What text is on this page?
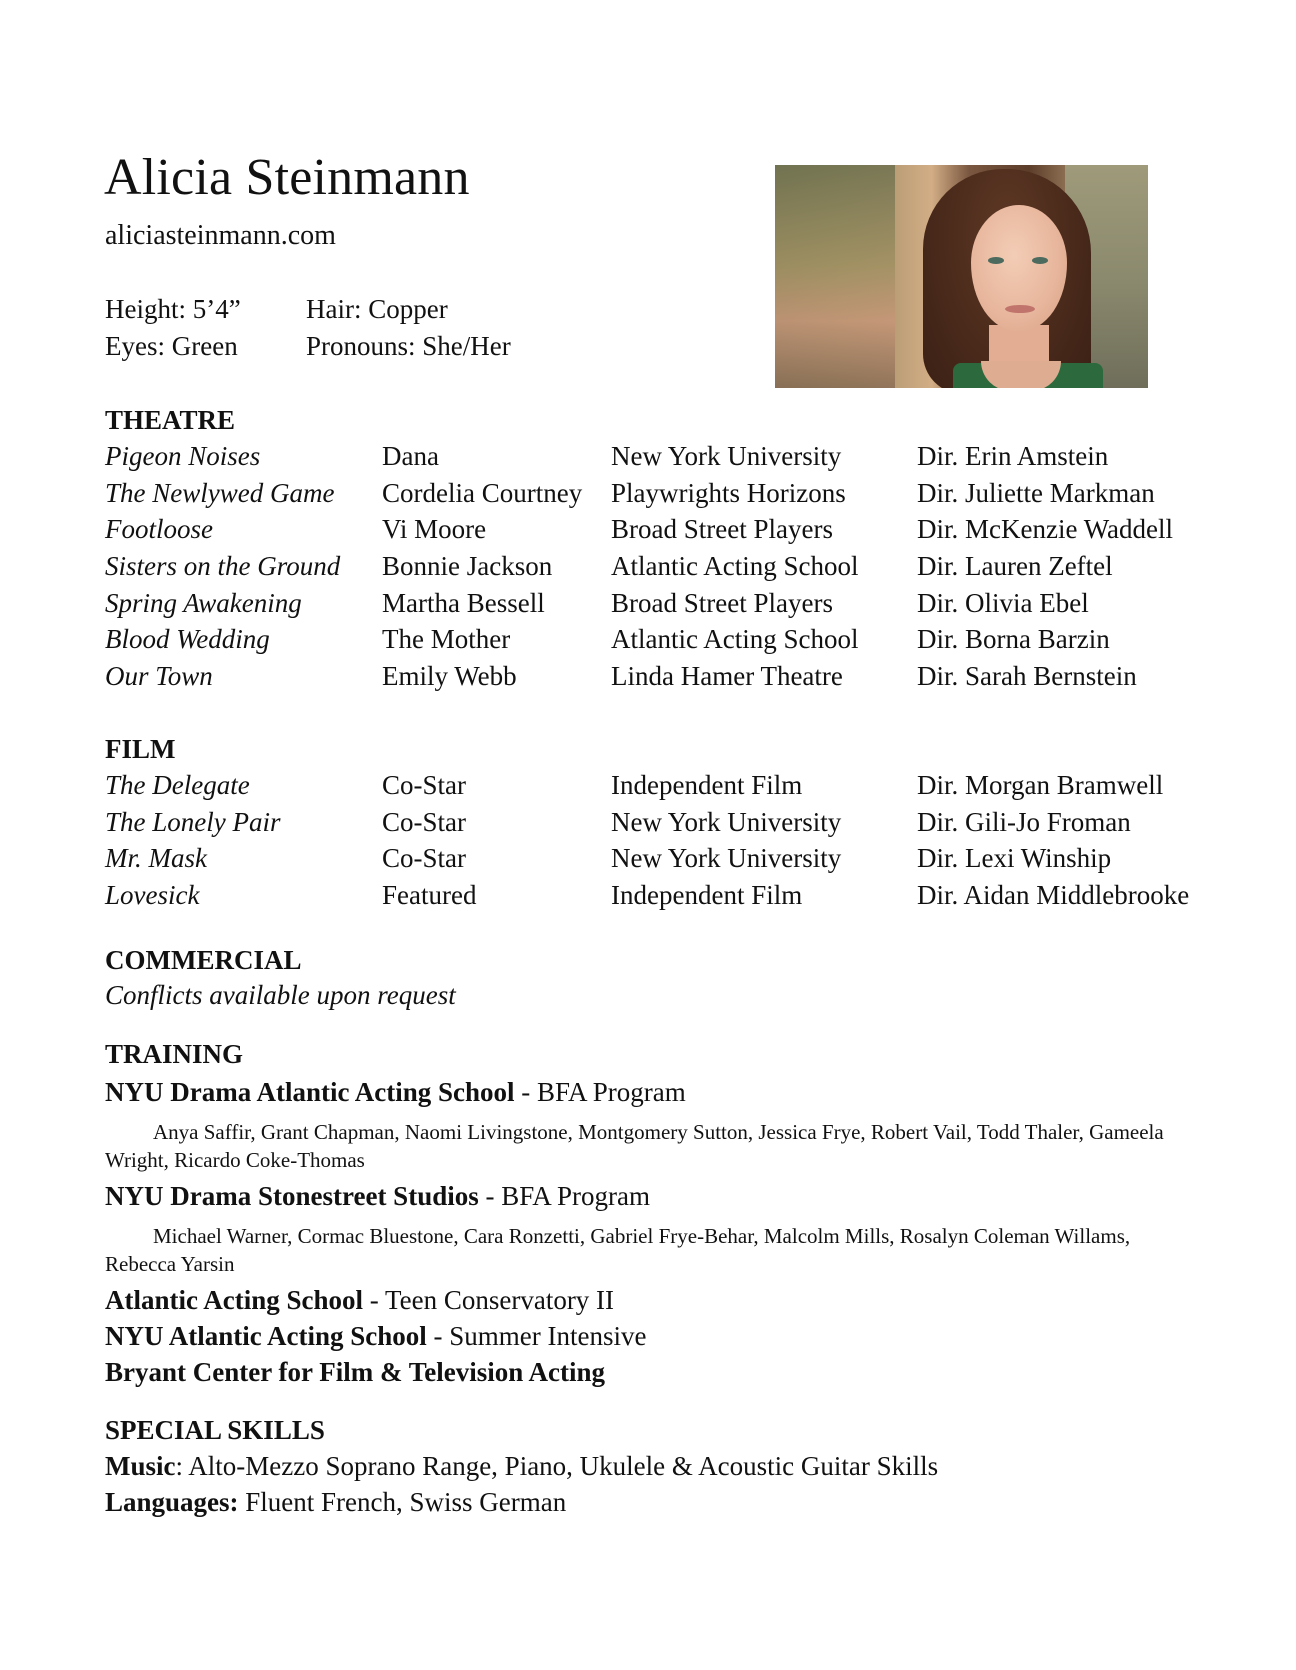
Alicia Steinmann
aliciasteinmann.com
Height: 5’4”	Hair: Copper
Eyes: Green	Pronouns: She/Her
THEATRE
Pigeon Noises	Dana	New York University	Dir. Erin Amstein
The Newlywed Game	Cordelia Courtney	Playwrights Horizons	Dir. Juliette Markman
Footloose	Vi Moore	Broad Street Players	Dir. McKenzie Waddell
Sisters on the Ground	Bonnie Jackson	Atlantic Acting School	Dir. Lauren Zeftel
Spring Awakening	Martha Bessell	Broad Street Players	Dir. Olivia Ebel
Blood Wedding	The Mother	Atlantic Acting School	Dir. Borna Barzin
Our Town	Emily Webb	Linda Hamer Theatre	Dir. Sarah Bernstein
FILM
The Delegate	Co-Star	Independent Film	Dir. Morgan Bramwell
The Lonely Pair	Co-Star	New York University	Dir. Gili-Jo Froman
Mr. Mask	Co-Star	New York University	Dir. Lexi Winship
Lovesick	Featured	Independent Film	Dir. Aidan Middlebrooke
COMMERCIAL
Conflicts available upon request
TRAINING
NYU Drama Atlantic Acting School - BFA Program
Anya Saffir, Grant Chapman, Naomi Livingstone, Montgomery Sutton, Jessica Frye, Robert Vail, Todd Thaler, Gameela Wright, Ricardo Coke-Thomas
NYU Drama Stonestreet Studios - BFA Program
Michael Warner, Cormac Bluestone, Cara Ronzetti, Gabriel Frye-Behar, Malcolm Mills, Rosalyn Coleman Willams, Rebecca Yarsin
Atlantic Acting School - Teen Conservatory II
NYU Atlantic Acting School - Summer Intensive
Bryant Center for Film & Television Acting
SPECIAL SKILLS
Music: Alto-Mezzo Soprano Range, Piano, Ukulele & Acoustic Guitar Skills
Languages: Fluent French, Swiss German
